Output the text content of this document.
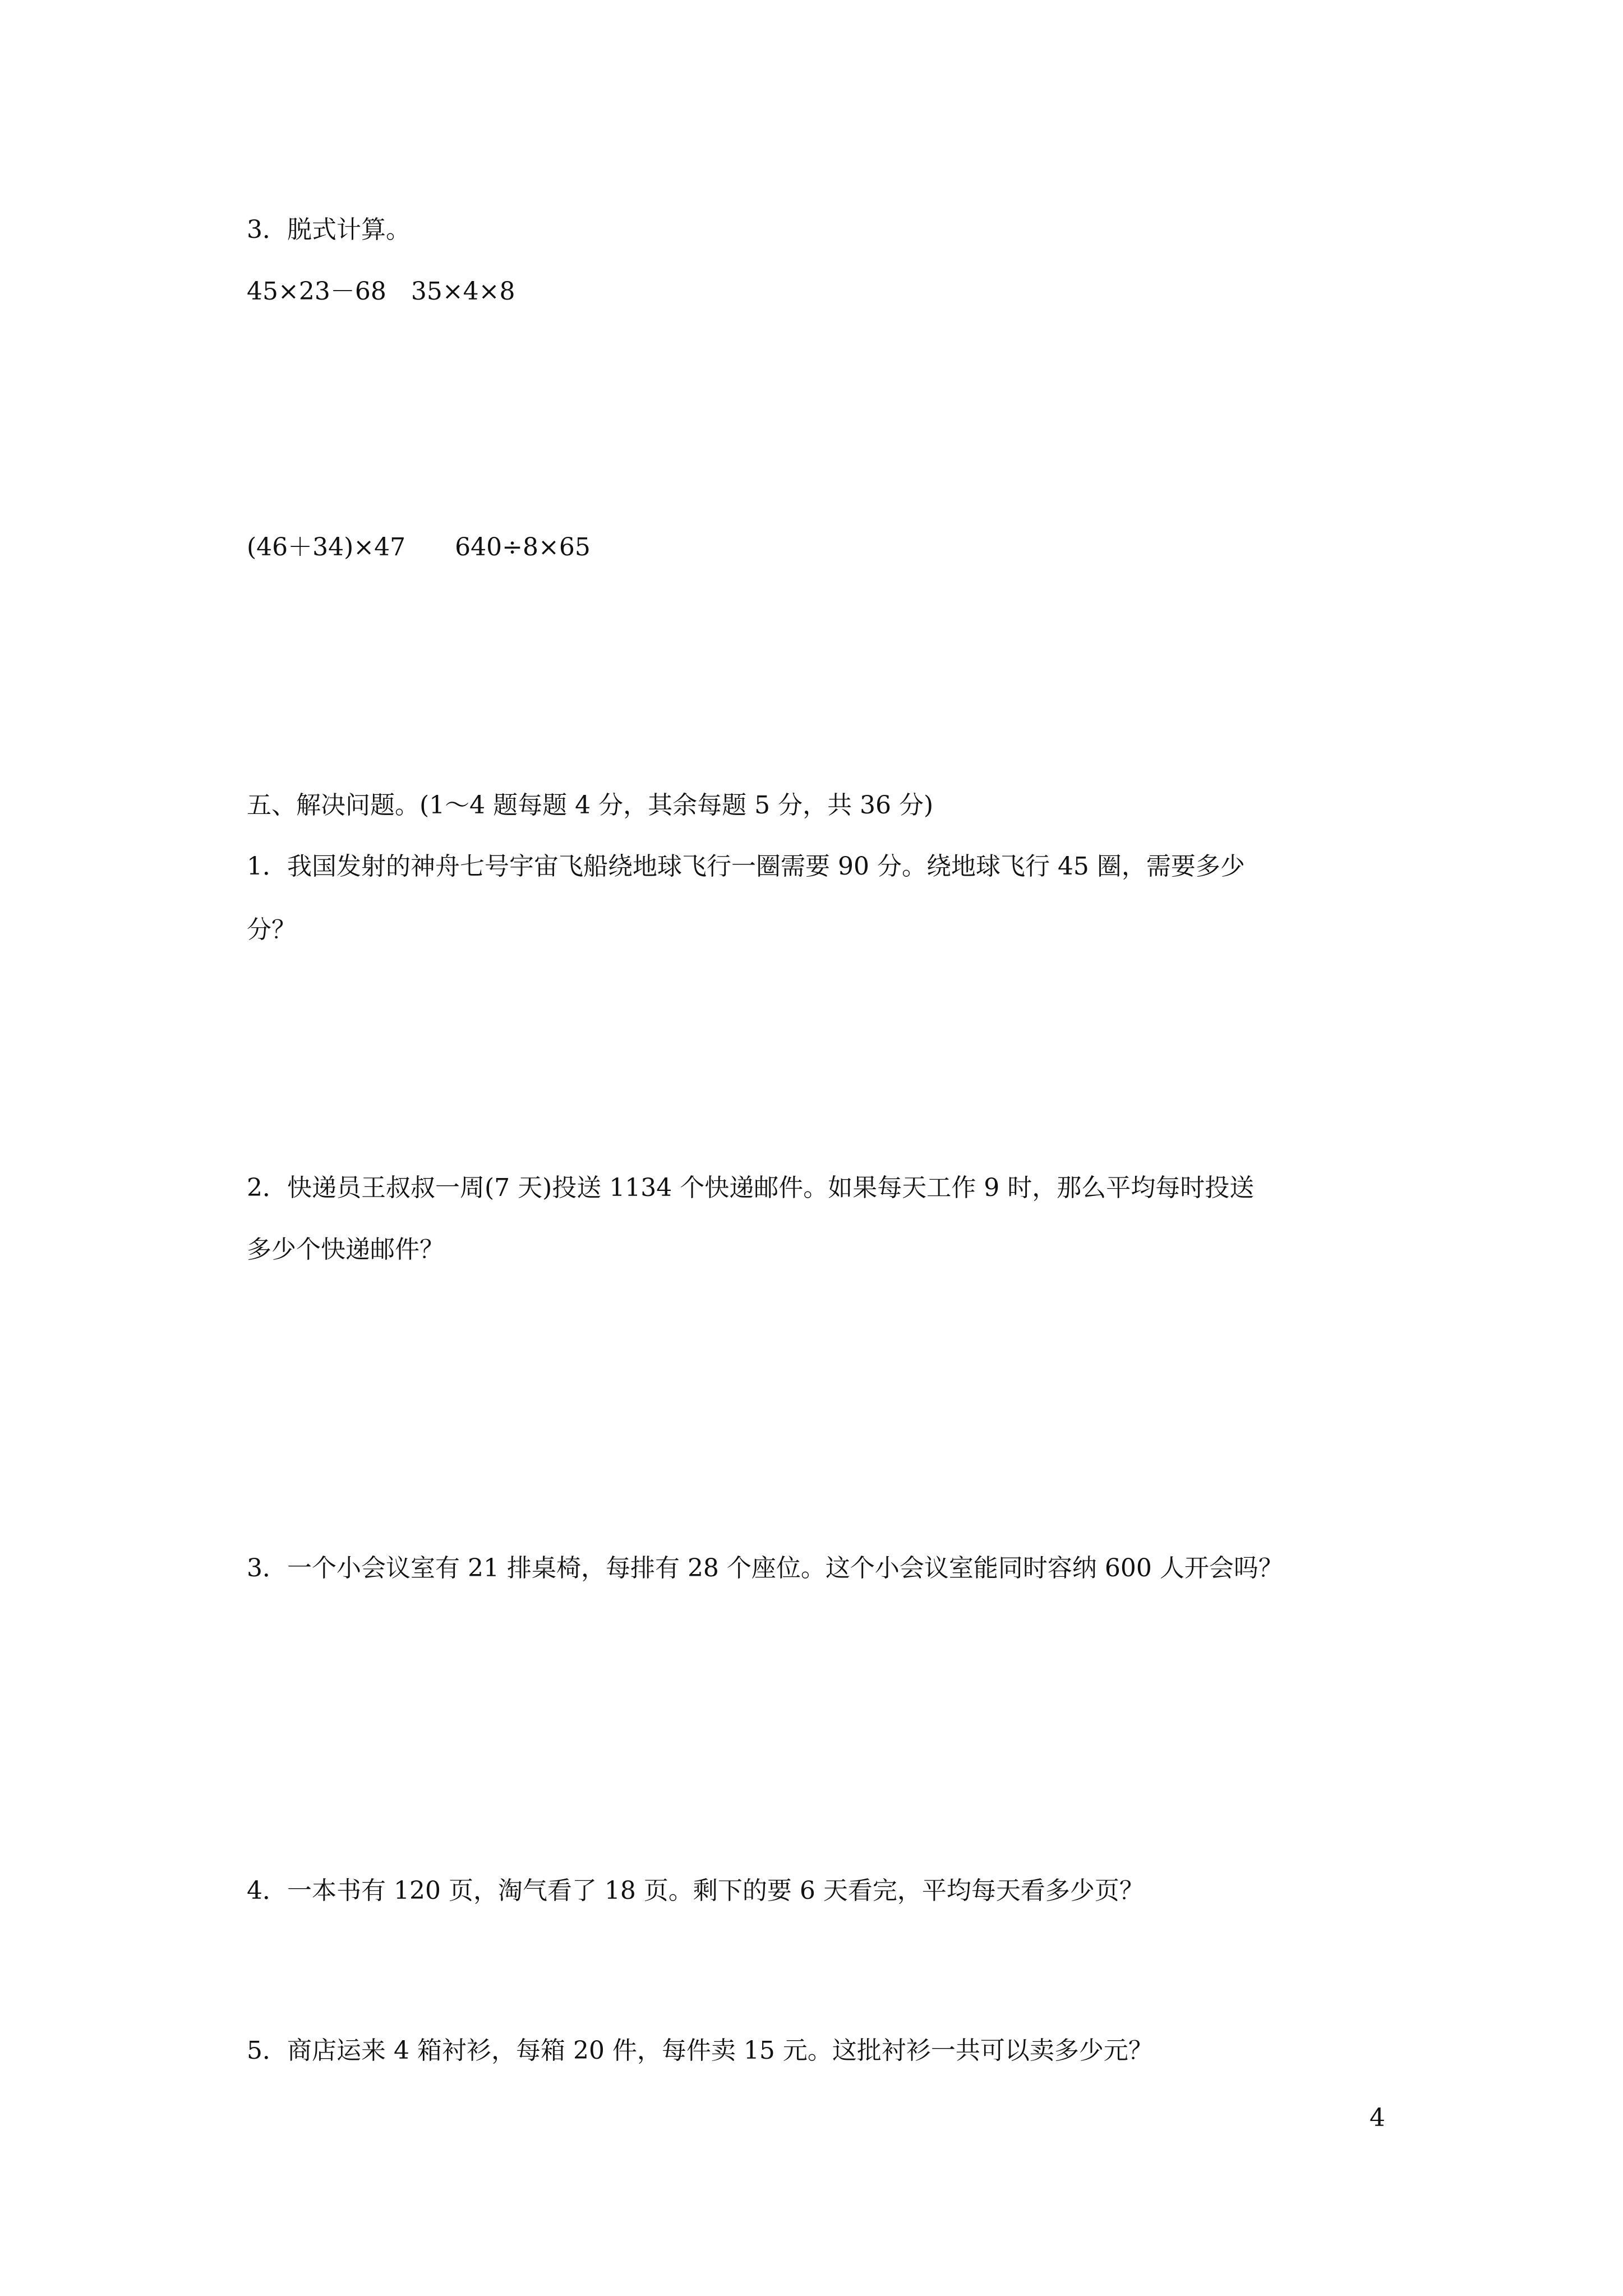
3．脱式计算。

45×23－68　35×4×8

(46＋34)×47　　640÷8×65

五、解决问题。(1～4 题每题 4 分，其余每题 5 分，共 36 分)

1．我国发射的神舟七号宇宙飞船绕地球飞行一圈需要 90 分。绕地球飞行 45 圈，需要多少

分？

2．快递员王叔叔一周(7 天)投送 1134 个快递邮件。如果每天工作 9 时，那么平均每时投送

多少个快递邮件？

3．一个小会议室有 21 排桌椅，每排有 28 个座位。这个小会议室能同时容纳 600 人开会吗？

4．一本书有 120 页，淘气看了 18 页。剩下的要 6 天看完，平均每天看多少页？

5．商店运来 4 箱衬衫，每箱 20 件，每件卖 15 元。这批衬衫一共可以卖多少元？

4
